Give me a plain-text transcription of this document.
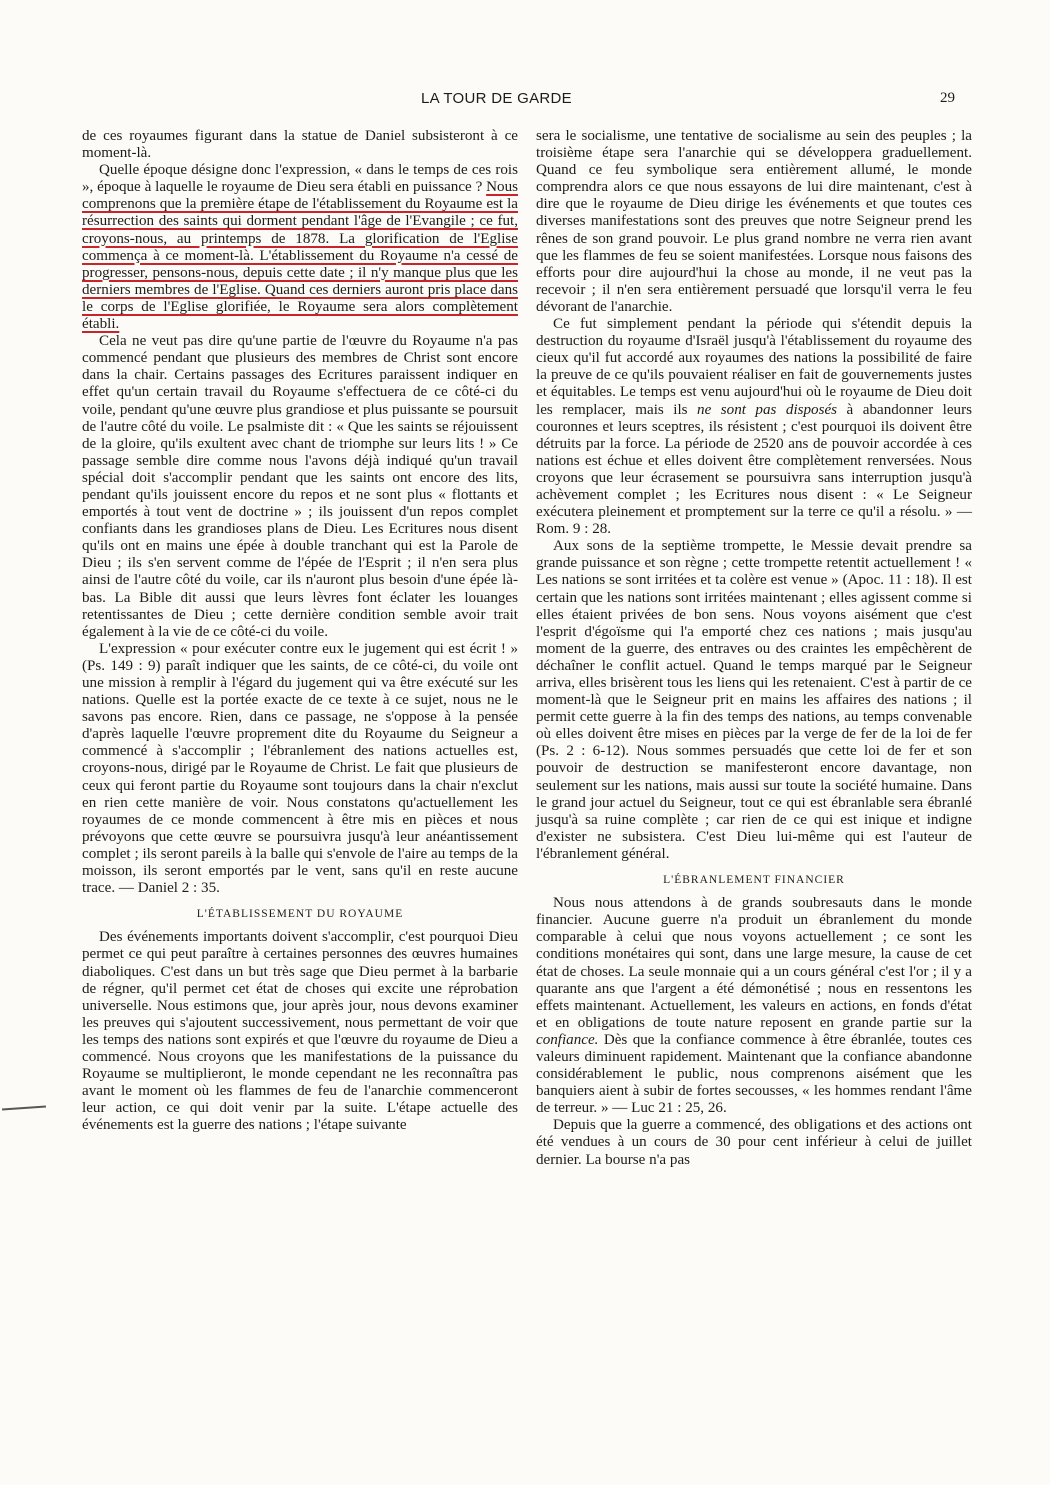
LA TOUR DE GARDE	29

de ces royaumes figurant dans la statue de Daniel subsisteront à ce moment-là.

Quelle époque désigne donc l'expression, « dans le temps de ces rois », époque à laquelle le royaume de Dieu sera établi en puissance ? Nous comprenons que la première étape de l'établissement du Royaume est la résurrection des saints qui dorment pendant l'âge de l'Evangile ; ce fut, croyons-nous, au printemps de 1878. La glorification de l'Eglise commença à ce moment-là. L'établissement du Royaume n'a cessé de progresser, pensons-nous, depuis cette date ; il n'y manque plus que les derniers membres de l'Eglise. Quand ces derniers auront pris place dans le corps de l'Eglise glorifiée, le Royaume sera alors complètement établi.

Cela ne veut pas dire qu'une partie de l'œuvre du Royaume n'a pas commencé pendant que plusieurs des membres de Christ sont encore dans la chair. Certains passages des Ecritures paraissent indiquer en effet qu'un certain travail du Royaume s'effectuera de ce côté-ci du voile, pendant qu'une œuvre plus grandiose et plus puissante se poursuit de l'autre côté du voile. Le psalmiste dit : « Que les saints se réjouissent de la gloire, qu'ils exultent avec chant de triomphe sur leurs lits ! » Ce passage semble dire comme nous l'avons déjà indiqué qu'un travail spécial doit s'accomplir pendant que les saints ont encore des lits, pendant qu'ils jouissent encore du repos et ne sont plus « flottants et emportés à tout vent de doctrine » ; ils jouissent d'un repos complet confiants dans les grandioses plans de Dieu. Les Ecritures nous disent qu'ils ont en mains une épée à double tranchant qui est la Parole de Dieu ; ils s'en servent comme de l'épée de l'Esprit ; il n'en sera plus ainsi de l'autre côté du voile, car ils n'auront plus besoin d'une épée là-bas. La Bible dit aussi que leurs lèvres font éclater les louanges retentissantes de Dieu ; cette dernière condition semble avoir trait également à la vie de ce côté-ci du voile.

L'expression « pour exécuter contre eux le jugement qui est écrit ! » (Ps. 149 : 9) paraît indiquer que les saints, de ce côté-ci, du voile ont une mission à remplir à l'égard du jugement qui va être exécuté sur les nations. Quelle est la portée exacte de ce texte à ce sujet, nous ne le savons pas encore. Rien, dans ce passage, ne s'oppose à la pensée d'après laquelle l'œuvre proprement dite du Royaume du Seigneur a commencé à s'accomplir ; l'ébranlement des nations actuelles est, croyons-nous, dirigé par le Royaume de Christ. Le fait que plusieurs de ceux qui feront partie du Royaume sont toujours dans la chair n'exclut en rien cette manière de voir. Nous constatons qu'actuellement les royaumes de ce monde commencent à être mis en pièces et nous prévoyons que cette œuvre se poursuivra jusqu'à leur anéantissement complet ; ils seront pareils à la balle qui s'envole de l'aire au temps de la moisson, ils seront emportés par le vent, sans qu'il en reste aucune trace. — Daniel 2 : 35.

L'ÉTABLISSEMENT DU ROYAUME

Des événements importants doivent s'accomplir, c'est pourquoi Dieu permet ce qui peut paraître à certaines personnes des œuvres humaines diaboliques. C'est dans un but très sage que Dieu permet à la barbarie de régner, qu'il permet cet état de choses qui excite une réprobation universelle. Nous estimons que, jour après jour, nous devons examiner les preuves qui s'ajoutent successivement, nous permettant de voir que les temps des nations sont expirés et que l'œuvre du royaume de Dieu a commencé. Nous croyons que les manifestations de la puissance du Royaume se multiplieront, le monde cependant ne les reconnaîtra pas avant le moment où les flammes de feu de l'anarchie commenceront leur action, ce qui doit venir par la suite. L'étape actuelle des événements est la guerre des nations ; l'étape suivante

sera le socialisme, une tentative de socialisme au sein des peuples ; la troisième étape sera l'anarchie qui se développera graduellement. Quand ce feu symbolique sera entièrement allumé, le monde comprendra alors ce que nous essayons de lui dire maintenant, c'est à dire que le royaume de Dieu dirige les événements et que toutes ces diverses manifestations sont des preuves que notre Seigneur prend les rênes de son grand pouvoir. Le plus grand nombre ne verra rien avant que les flammes de feu se soient manifestées. Lorsque nous faisons des efforts pour dire aujourd'hui la chose au monde, il ne veut pas la recevoir ; il n'en sera entièrement persuadé que lorsqu'il verra le feu dévorant de l'anarchie.

Ce fut simplement pendant la période qui s'étendit depuis la destruction du royaume d'Israël jusqu'à l'établissement du royaume des cieux qu'il fut accordé aux royaumes des nations la possibilité de faire la preuve de ce qu'ils pouvaient réaliser en fait de gouvernements justes et équitables. Le temps est venu aujourd'hui où le royaume de Dieu doit les remplacer, mais ils ne sont pas disposés à abandonner leurs couronnes et leurs sceptres, ils résistent ; c'est pourquoi ils doivent être détruits par la force. La période de 2520 ans de pouvoir accordée à ces nations est échue et elles doivent être complètement renversées. Nous croyons que leur écrasement se poursuivra sans interruption jusqu'à achèvement complet ; les Ecritures nous disent : « Le Seigneur exécutera pleinement et promptement sur la terre ce qu'il a résolu. » — Rom. 9 : 28.

Aux sons de la septième trompette, le Messie devait prendre sa grande puissance et son règne ; cette trompette retentit actuellement ! « Les nations se sont irritées et ta colère est venue » (Apoc. 11 : 18). Il est certain que les nations sont irritées maintenant ; elles agissent comme si elles étaient privées de bon sens. Nous voyons aisément que c'est l'esprit d'égoïsme qui l'a emporté chez ces nations ; mais jusqu'au moment de la guerre, des entraves ou des craintes les empêchèrent de déchaîner le conflit actuel. Quand le temps marqué par le Seigneur arriva, elles brisèrent tous les liens qui les retenaient. C'est à partir de ce moment-là que le Seigneur prit en mains les affaires des nations ; il permit cette guerre à la fin des temps des nations, au temps convenable où elles doivent être mises en pièces par la verge de fer de la loi de fer (Ps. 2 : 6-12). Nous sommes persuadés que cette loi de fer et son pouvoir de destruction se manifesteront encore davantage, non seulement sur les nations, mais aussi sur toute la société humaine. Dans le grand jour actuel du Seigneur, tout ce qui est ébranlable sera ébranlé jusqu'à sa ruine complète ; car rien de ce qui est inique et indigne d'exister ne subsistera. C'est Dieu lui-même qui est l'auteur de l'ébranlement général.

L'ÉBRANLEMENT FINANCIER

Nous nous attendons à de grands soubresauts dans le monde financier. Aucune guerre n'a produit un ébranlement du monde comparable à celui que nous voyons actuellement ; ce sont les conditions monétaires qui sont, dans une large mesure, la cause de cet état de choses. La seule monnaie qui a un cours général c'est l'or ; il y a quarante ans que l'argent a été démonétisé ; nous en ressentons les effets maintenant. Actuellement, les valeurs en actions, en fonds d'état et en obligations de toute nature reposent en grande partie sur la confiance. Dès que la confiance commence à être ébranlée, toutes ces valeurs diminuent rapidement. Maintenant que la confiance abandonne considérablement le public, nous comprenons aisément que les banquiers aient à subir de fortes secousses, « les hommes rendant l'âme de terreur. » — Luc 21 : 25, 26.

Depuis que la guerre a commencé, des obligations et des actions ont été vendues à un cours de 30 pour cent inférieur à celui de juillet dernier. La bourse n'a pas
